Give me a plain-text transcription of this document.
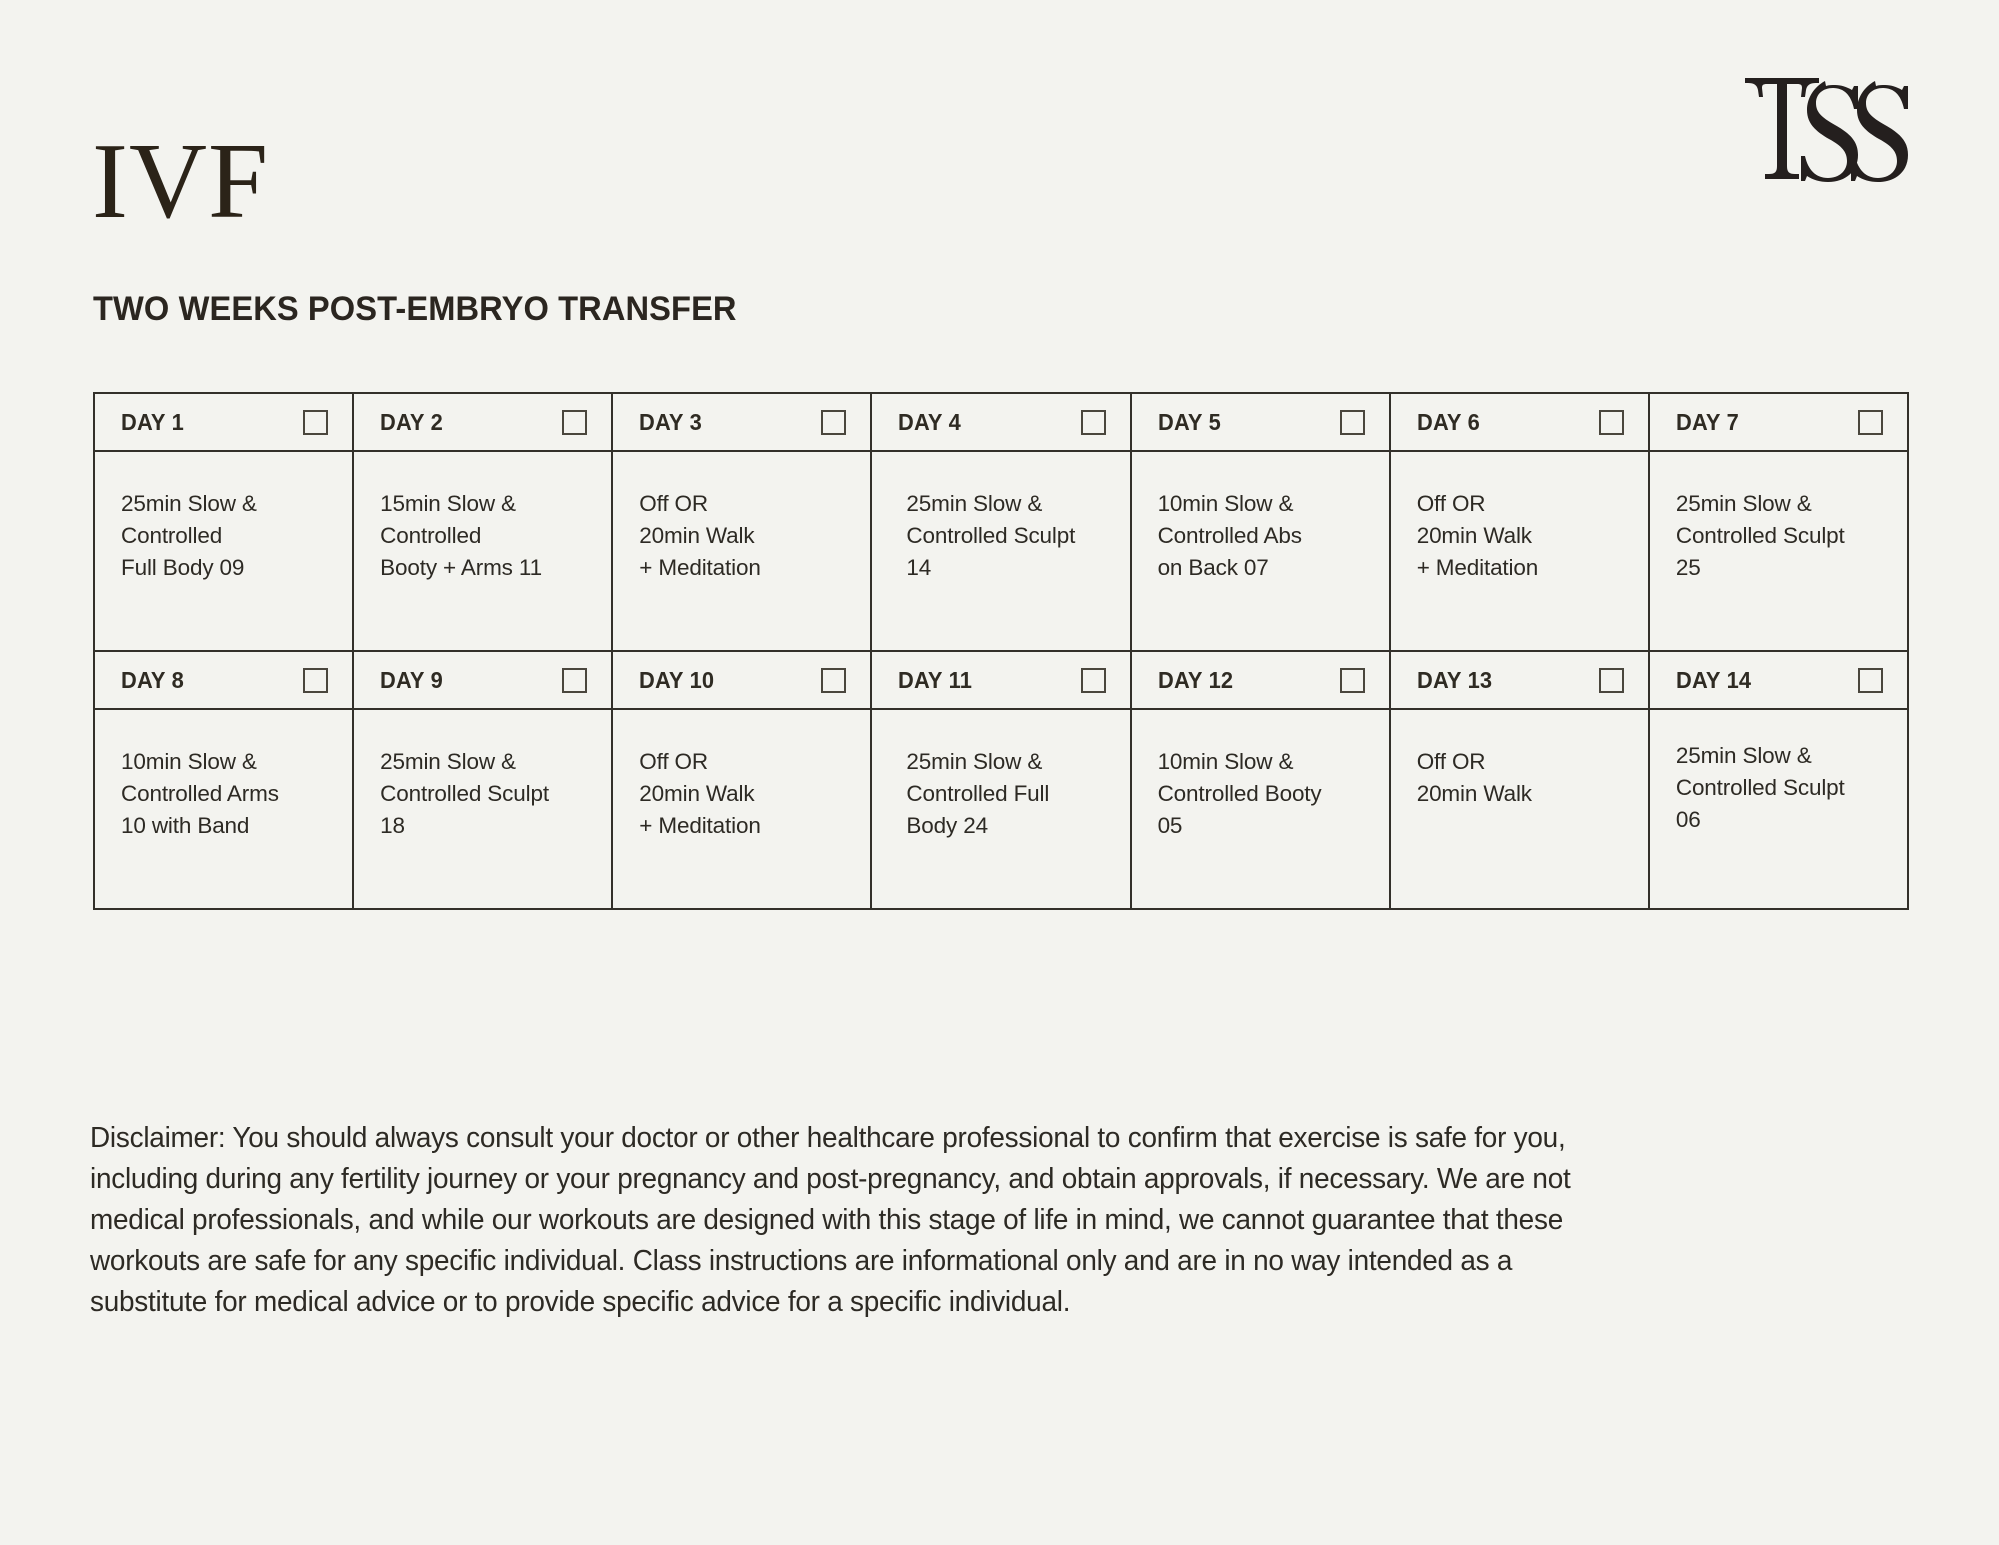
IVF
TWO WEEKS POST-EMBRYO TRANSFER
DAY 1
25min Slow &
Controlled
Full Body 09
DAY 2
15min Slow &
Controlled
Booty + Arms 11
DAY 3
Off OR
20min Walk
+ Meditation
DAY 4
25min Slow &
Controlled Sculpt
14
DAY 5
10min Slow &
Controlled Abs
on Back 07
DAY 6
Off OR
20min Walk
+ Meditation
DAY 7
25min Slow &
Controlled Sculpt
25
DAY 8
10min Slow &
Controlled Arms
10 with Band
DAY 9
25min Slow &
Controlled Sculpt
18
DAY 10
Off OR
20min Walk
+ Meditation
DAY 11
25min Slow &
Controlled Full
Body 24
DAY 12
10min Slow &
Controlled Booty
05
DAY 13
Off OR
20min Walk
DAY 14
25min Slow &
Controlled Sculpt
06
Disclaimer: You should always consult your doctor or other healthcare professional to confirm that exercise is safe for you,
including during any fertility journey or your pregnancy and post-pregnancy, and obtain approvals, if necessary. We are not
medical professionals, and while our workouts are designed with this stage of life in mind, we cannot guarantee that these
workouts are safe for any specific individual. Class instructions are informational only and are in no way intended as a
substitute for medical advice or to provide specific advice for a specific individual.
